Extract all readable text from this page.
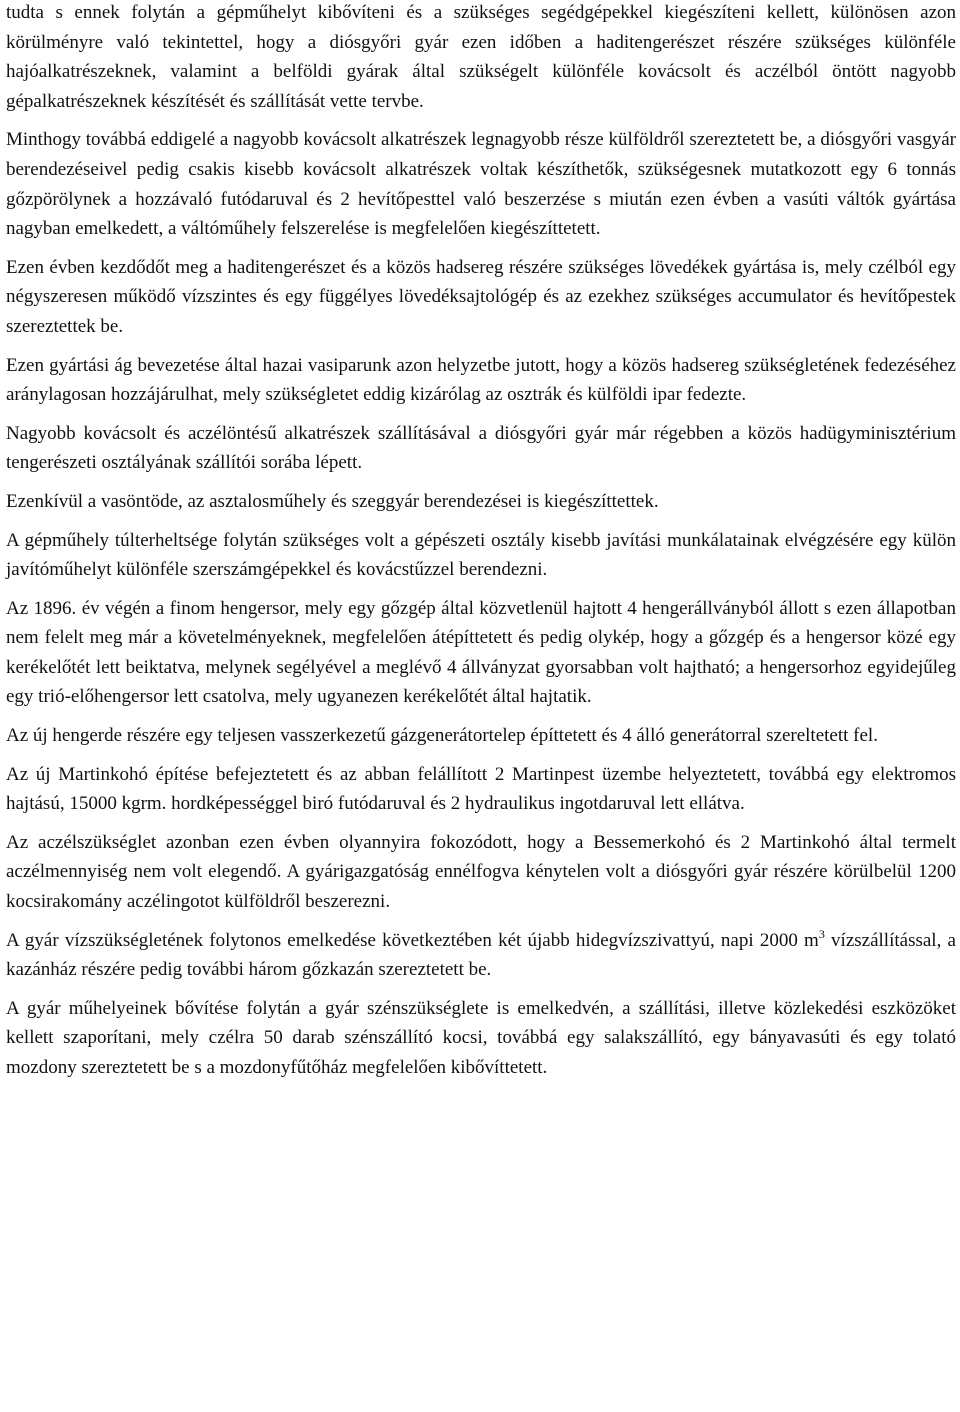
tudta s ennek folytán a gépműhelyt kibővíteni és a szükséges segédgépekkel kiegészíteni kellett, különösen azon körülményre való tekintettel, hogy a diósgyőri gyár ezen időben a haditengerészet részére szükséges különféle hajóalkatrészeknek, valamint a belföldi gyárak által szükségelt különféle kovácsolt és aczélból öntött nagyobb gépalkatrészeknek készítését és szállítását vette tervbe.

Minthogy továbbá eddigelé a nagyobb kovácsolt alkatrészek legnagyobb része külföldről szereztetett be, a diósgyőri vasgyár berendezéseivel pedig csakis kisebb kovácsolt alkatrészek voltak készíthetők, szükségesnek mutatkozott egy 6 tonnás gőzpörölynek a hozzávaló futódaruval és 2 hevítőpesttel való beszerzése s miután ezen évben a vasúti váltók gyártása nagyban emelkedett, a váltóműhely felszerelése is megfelelően kiegészíttetett.

Ezen évben kezdődőt meg a haditengerészet és a közös hadsereg részére szükséges lövedékek gyártása is, mely czélból egy négyszeresen működő vízszintes és egy függélyes lövedéksajtológép és az ezekhez szükséges accumulator és hevítőpestek szereztettek be.

Ezen gyártási ág bevezetése által hazai vasiparunk azon helyzetbe jutott, hogy a közös hadsereg szükségletének fedezéséhez aránylagosan hozzájárulhat, mely szükségletet eddig kizárólag az osztrák és külföldi ipar fedezte.

Nagyobb kovácsolt és aczélöntésű alkatrészek szállításával a diósgyőri gyár már régebben a közös hadügyminisztérium tengerészeti osztályának szállítói sorába lépett.

Ezenkívül a vasöntöde, az asztalosműhely és szeggyár berendezései is kiegészíttettek.

A gépműhely túlterheltsége folytán szükséges volt a gépészeti osztály kisebb javítási munkálatainak elvégzésére egy külön javítóműhelyt különféle szerszámgépekkel és kovácstűzzel berendezni.

Az 1896. év végén a finom hengersor, mely egy gőzgép által közvetlenül hajtott 4 hengerállványból állott s ezen állapotban nem felelt meg már a követelményeknek, megfelelően átépíttetett és pedig olykép, hogy a gőzgép és a hengersor közé egy kerékelőtét lett beiktatva, melynek segélyével a meglévő 4 állványzat gyorsabban volt hajtható; a hengersorhoz egyidejűleg egy trió-előhengersor lett csatolva, mely ugyanezen kerékelőtét által hajtatik.

Az új hengerde részére egy teljesen vasszerkezetű gázgenerátortelep építtetett és 4 álló generátorral szereltetett fel.

Az új Martinkohó építése befejeztetett és az abban felállított 2 Martinpest üzembe helyeztetett, továbbá egy elektromos hajtású, 15000 kgrm. hordképességgel biró futódaruval és 2 hydraulikus ingotdaruval lett ellátva.

Az aczélszükséglet azonban ezen évben olyannyira fokozódott, hogy a Bessemerkohó és 2 Martinkohó által termelt aczélmennyiség nem volt elegendő. A gyárigazgatóság ennélfogva kénytelen volt a diósgyőri gyár részére körülbelül 1200 kocsirakomány aczélingotot külföldről beszerezni.

A gyár vízszükségletének folytonos emelkedése következtében két újabb hidegvízszivattyú, napi 2000 $m^3$ vízszállítással, a kazánház részére pedig további három gőzkazán szereztetett be.

A gyár műhelyeinek bővítése folytán a gyár szénszükséglete is emelkedvén, a szállítási, illetve közlekedési eszközöket kellett szaporítani, mely czélra 50 darab szénszállító kocsi, továbbá egy salakszállító, egy bányavasúti és egy tolató mozdony szereztetett be s a mozdonyfűtőház megfelelően kibővíttetett.
